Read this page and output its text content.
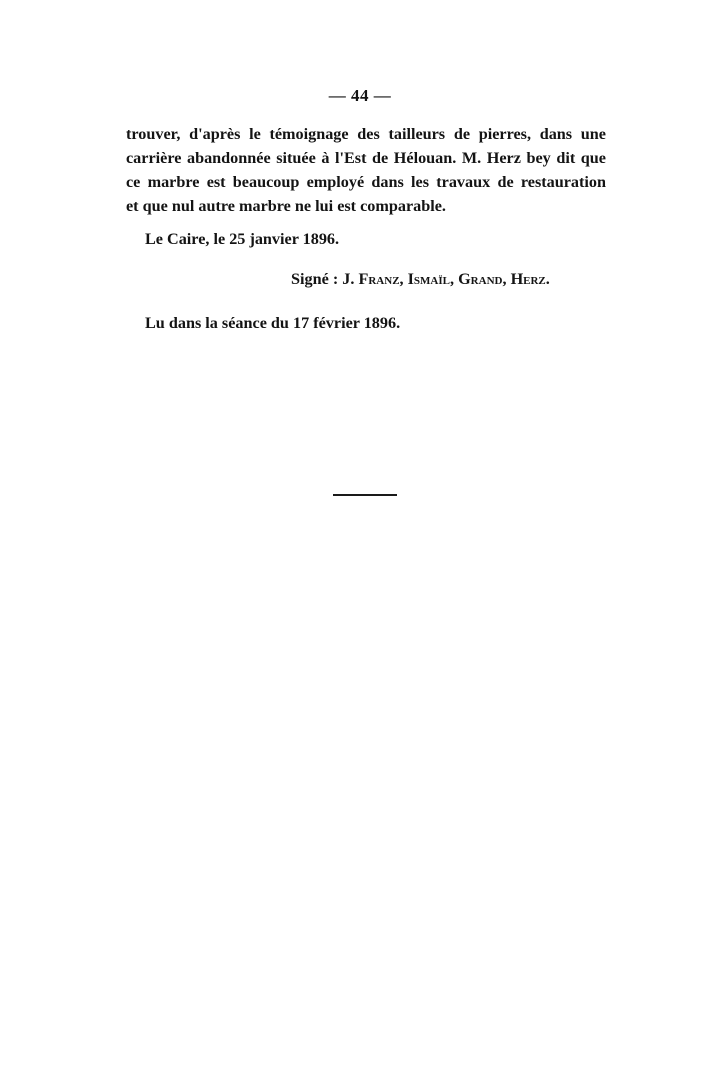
— 44 —
trouver, d'après le témoignage des tailleurs de pierres, dans une
carrière abandonnée située à l'Est de Hélouan. M. Herz bey dit que
ce marbre est beaucoup employé dans les travaux de restauration
et que nul autre marbre ne lui est comparable.
Le Caire, le 25 janvier 1896.
Signé : J. Franz, Ismaïl, Grand, Herz.
Lu dans la séance du 17 février 1896.
